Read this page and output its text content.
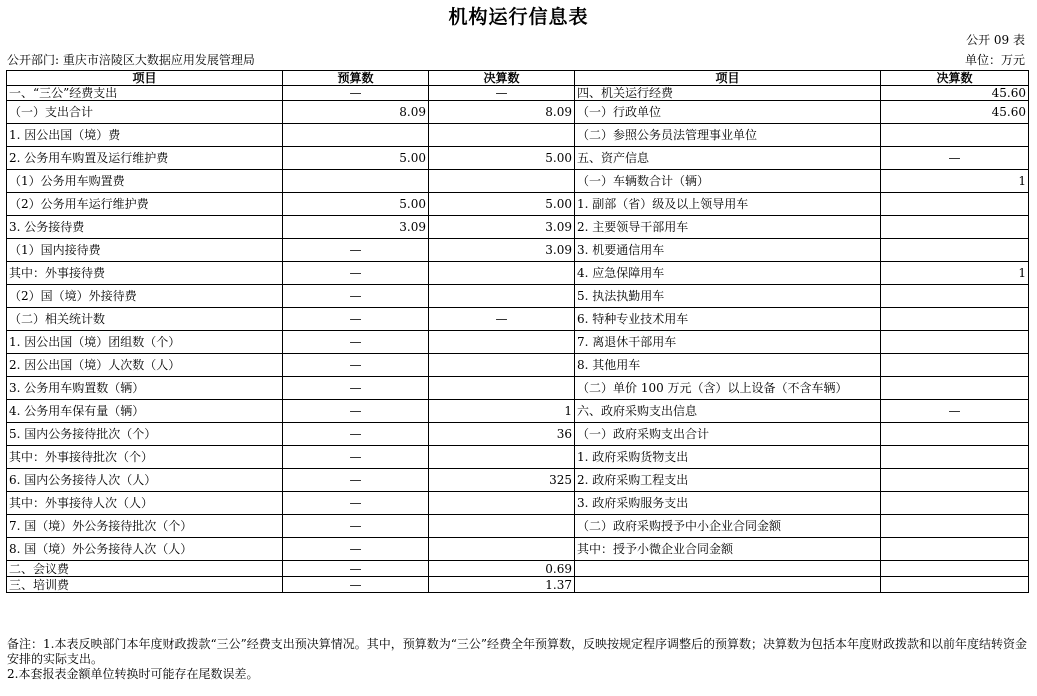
机构运行信息表
公开 09 表
公开部门: 重庆市涪陵区大数据应用发展管理局	单位：万元
项目	预算数	决算数	项目	决算数
一、“三公”经费支出	—	—	四、机关运行经费	45.60
（一）支出合计	8.09	8.09	（一）行政单位	45.60
1. 因公出国（境）费			（二）参照公务员法管理事业单位	
2. 公务用车购置及运行维护费	5.00	5.00	五、资产信息	—
（1）公务用车购置费			（一）车辆数合计（辆）	1
（2）公务用车运行维护费	5.00	5.00	1. 副部（省）级及以上领导用车	
3. 公务接待费	3.09	3.09	2. 主要领导干部用车	
（1）国内接待费	—	3.09	3. 机要通信用车	
其中：外事接待费	—		4. 应急保障用车	1
（2）国（境）外接待费	—		5. 执法执勤用车	
（二）相关统计数	—	—	6. 特种专业技术用车	
1. 因公出国（境）团组数（个）	—		7. 离退休干部用车	
2. 因公出国（境）人次数（人）	—		8. 其他用车	
3. 公务用车购置数（辆）	—		（二）单价 100 万元（含）以上设备（不含车辆）	
4. 公务用车保有量（辆）	—	1	六、政府采购支出信息	—
5. 国内公务接待批次（个）	—	36	（一）政府采购支出合计	
其中：外事接待批次（个）	—		1. 政府采购货物支出	
6. 国内公务接待人次（人）	—	325	2. 政府采购工程支出	
其中：外事接待人次（人）	—		3. 政府采购服务支出	
7. 国（境）外公务接待批次（个）	—		（二）政府采购授予中小企业合同金额	
8. 国（境）外公务接待人次（人）	—		其中：授予小微企业合同金额	
二、会议费	—	0.69		
三、培训费	—	1.37		
备注：1.本表反映部门本年度财政拨款“三公”经费支出预决算情况。其中，预算数为“三公”经费全年预算数，反映按规定程序调整后的预算数；决算数为包括本年度财政拨款和以前年度结转资金安排的实际支出。
2.本套报表金额单位转换时可能存在尾数误差。
